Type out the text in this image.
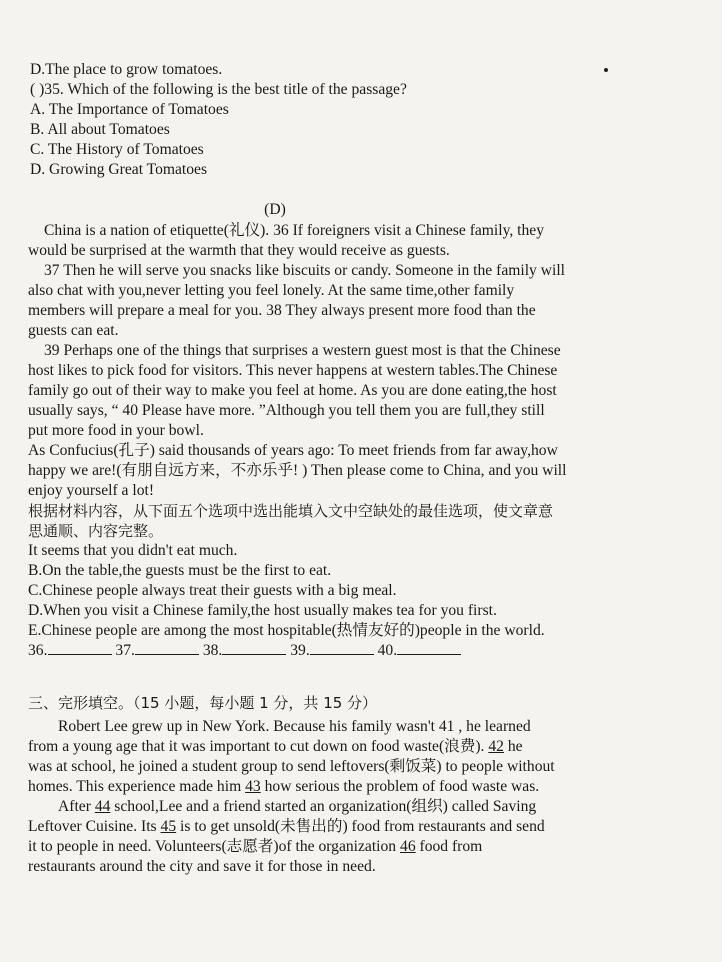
D.The place to grow tomatoes.
( )35. Which of the following is the best title of the passage?
A. The Importance of Tomatoes
B. All about Tomatoes
C. The History of Tomatoes
D. Growing Great Tomatoes
(D)
China is a nation of etiquette(礼仪). 36 If foreigners visit a Chinese family, they
would be surprised at the warmth that they would receive as guests.
37 Then he will serve you snacks like biscuits or candy. Someone in the family will
also chat with you,never letting you feel lonely. At the same time,other family
members will prepare a meal for you. 38 They always present more food than the
guests can eat.
39 Perhaps one of the things that surprises a western guest most is that the Chinese
host likes to pick food for visitors. This never happens at western tables.The Chinese
family go out of their way to make you feel at home. As you are done eating,the host
usually says, “ 40 Please have more. ”Although you tell them you are full,they still
put more food in your bowl.
As Confucius(孔子) said thousands of years ago: To meet friends from far away,how
happy we are!(有朋自远方来，不亦乐乎! ) Then please come to China, and you will
enjoy yourself a lot!
根据材料内容，从下面五个选项中选出能填入文中空缺处的最佳选项，使文章意
思通顺、内容完整。
It seems that you didn't eat much.
B.On the table,the guests must be the first to eat.
C.Chinese people always treat their guests with a big meal.
D.When you visit a Chinese family,the host usually makes tea for you first.
E.Chinese people are among the most hospitable(热情友好的)people in the world.
36.	37.	38.	39.	40.
三、完形填空。（15 小题，每小题 1 分，共 15 分）
Robert Lee grew up in New York. Because his family wasn't 41 , he learned
from a young age that it was important to cut down on food waste(浪费). 42 he
was at school, he joined a student group to send leftovers(剩饭菜) to people without
homes. This experience made him 43 how serious the problem of food waste was.
After 44 school,Lee and a friend started an organization(组织) called Saving
Leftover Cuisine. Its 45 is to get unsold(未售出的) food from restaurants and send
it to people in need. Volunteers(志愿者)of the organization 46 food from
restaurants around the city and save it for those in need.
